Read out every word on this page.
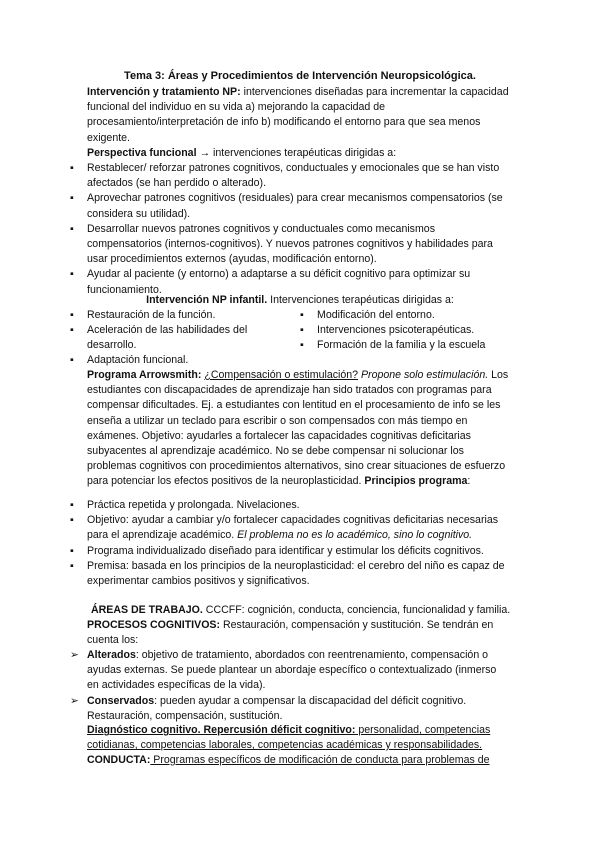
Tema 3: Áreas y Procedimientos de Intervención Neuropsicológica.
Intervención y tratamiento NP: intervenciones diseñadas para incrementar la capacidad funcional del individuo en su vida a) mejorando la capacidad de procesamiento/interpretación de info b) modificando el entorno para que sea menos exigente.
Perspectiva funcional → intervenciones terapéuticas dirigidas a:
▪ Restablecer/ reforzar patrones cognitivos, conductuales y emocionales que se han visto afectados (se han perdido o alterado).
▪ Aprovechar patrones cognitivos (residuales) para crear mecanismos compensatorios (se considera su utilidad).
▪ Desarrollar nuevos patrones cognitivos y conductuales como mecanismos compensatorios (internos-cognitivos). Y nuevos patrones cognitivos y habilidades para usar procedimientos externos (ayudas, modificación entorno).
▪ Ayudar al paciente (y entorno) a adaptarse a su déficit cognitivo para optimizar su funcionamiento.
Intervención NP infantil. Intervenciones terapéuticas dirigidas a:
▪ Restauración de la función.
▪ Aceleración de las habilidades del desarrollo.
▪ Modificación del entorno.
▪ Intervenciones psicoterapéuticas.
▪ Formación de la familia y la escuela
▪ Adaptación funcional.
Programa Arrowsmith: ¿Compensación o estimulación? Propone solo estimulación. Los estudiantes con discapacidades de aprendizaje han sido tratados con programas para compensar dificultades. Ej. a estudiantes con lentitud en el procesamiento de info se les enseña a utilizar un teclado para escribir o son compensados con más tiempo en exámenes. Objetivo: ayudarles a fortalecer las capacidades cognitivas deficitarias subyacentes al aprendizaje académico. No se debe compensar ni solucionar los problemas cognitivos con procedimientos alternativos, sino crear situaciones de esfuerzo para potenciar los efectos positivos de la neuroplasticidad. Principios programa:
▪ Práctica repetida y prolongada. Nivelaciones.
▪ Objetivo: ayudar a cambiar y/o fortalecer capacidades cognitivas deficitarias necesarias para el aprendizaje académico. El problema no es lo académico, sino lo cognitivo.
▪ Programa individualizado diseñado para identificar y estimular los déficits cognitivos.
▪ Premisa: basada en los principios de la neuroplasticidad: el cerebro del niño es capaz de experimentar cambios positivos y significativos.
ÁREAS DE TRABAJO. CCCFF: cognición, conducta, conciencia, funcionalidad y familia.
PROCESOS COGNITIVOS: Restauración, compensación y sustitución. Se tendrán en cuenta los:
➢ Alterados: objetivo de tratamiento, abordados con reentrenamiento, compensación o ayudas externas. Se puede plantear un abordaje específico o contextualizado (inmerso en actividades específicas de la vida).
➢ Conservados: pueden ayudar a compensar la discapacidad del déficit cognitivo. Restauración, compensación, sustitución.
Diagnóstico cognitivo. Repercusión déficit cognitivo: personalidad, competencias cotidianas, competencias laborales, competencias académicas y responsabilidades.
CONDUCTA: Programas específicos de modificación de conducta para problemas de
